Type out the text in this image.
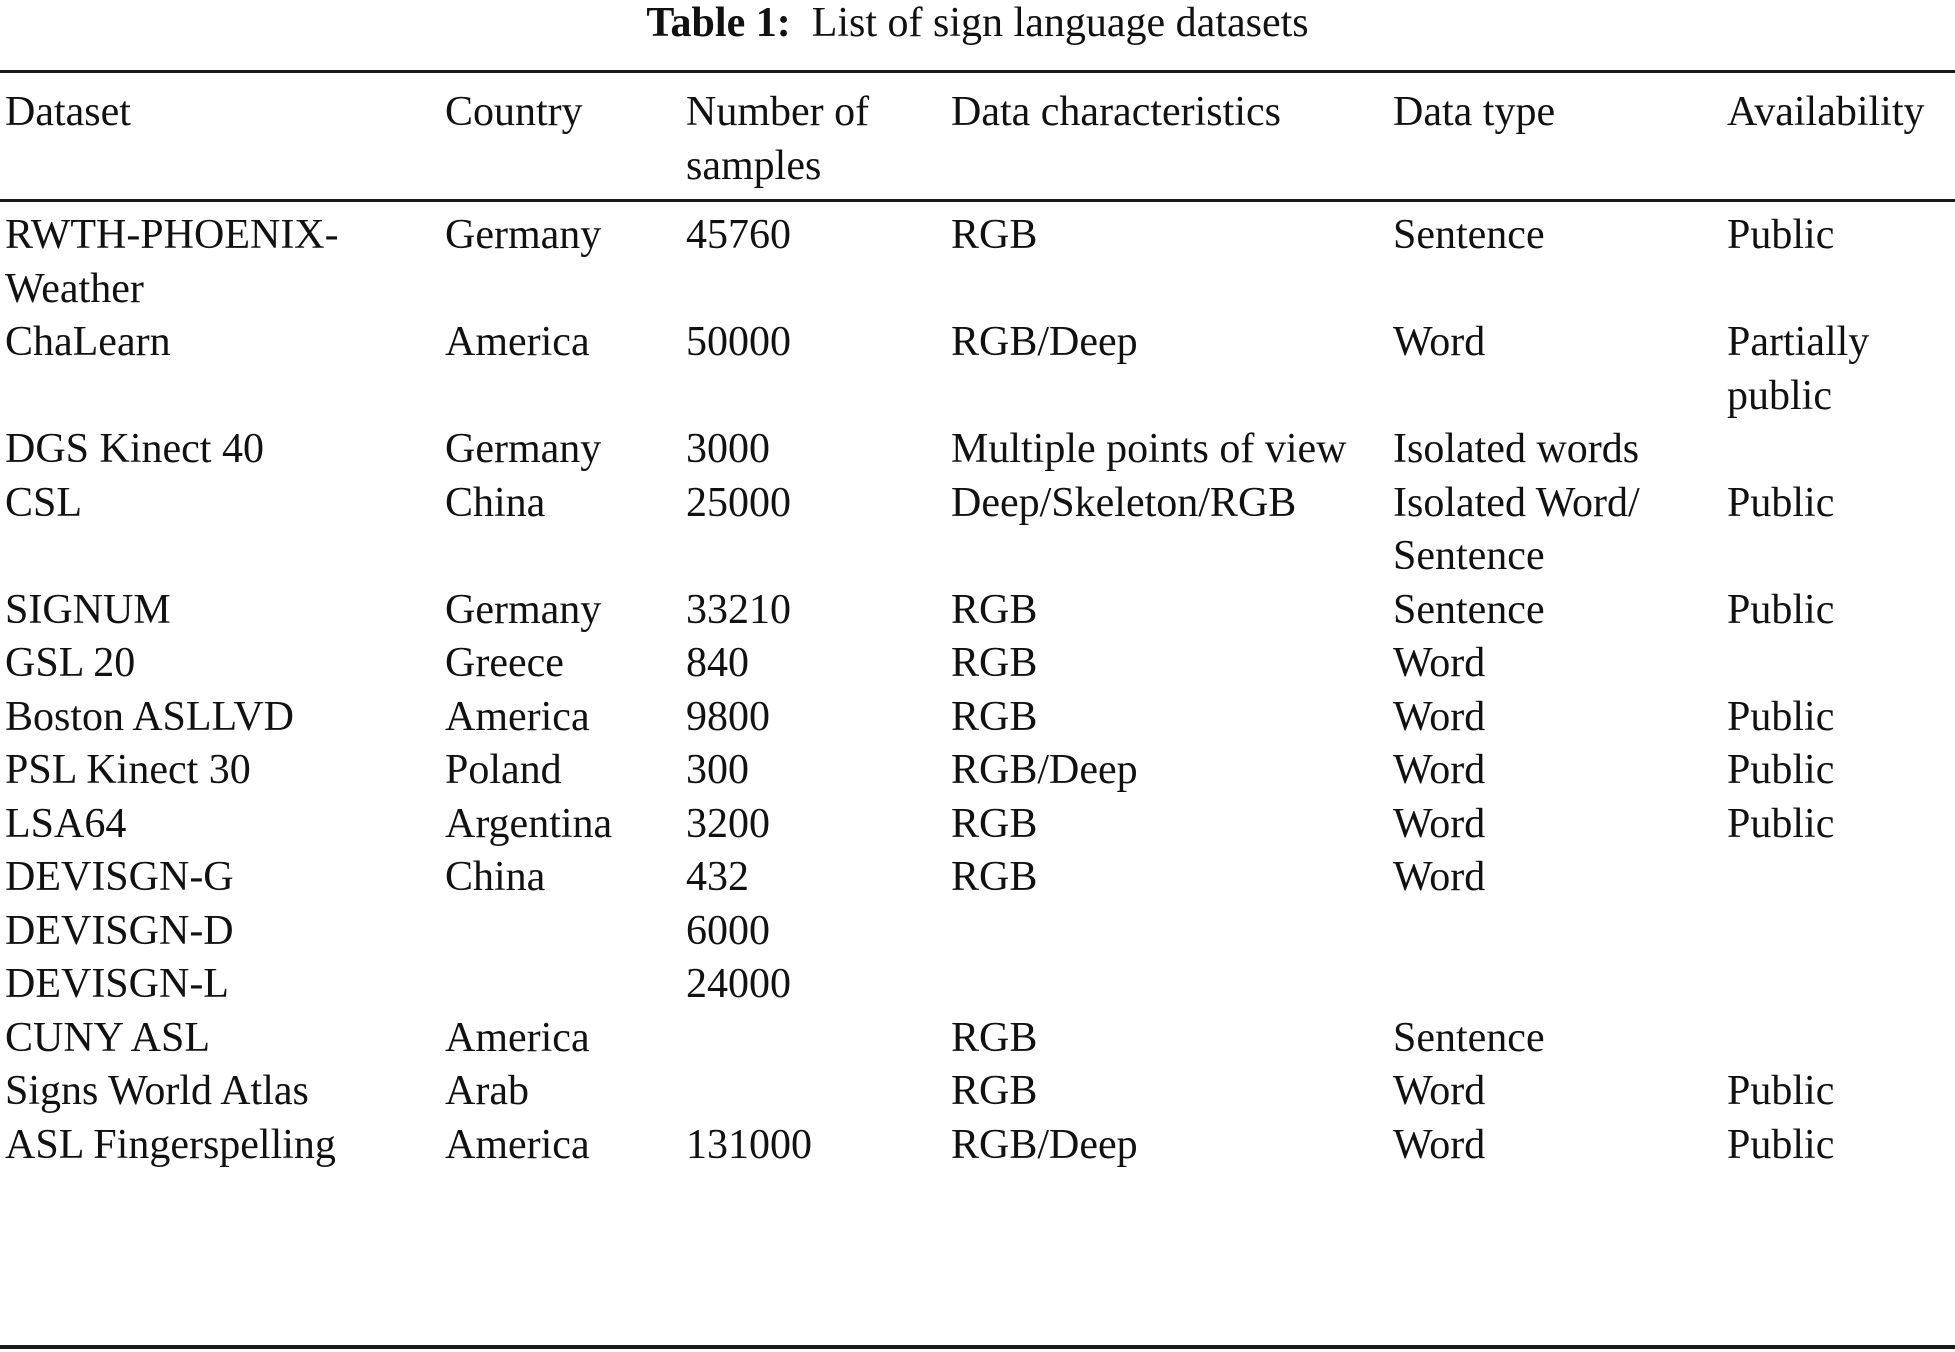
Table 1: List of sign language datasets
Dataset	Country	Number of samples	Data characteristics	Data type	Availability
RWTH-PHOENIX-Weather	Germany	45760	RGB	Sentence	Public
ChaLearn	America	50000	RGB/Deep	Word	Partially public
DGS Kinect 40	Germany	3000	Multiple points of view	Isolated words	
CSL	China	25000	Deep/Skeleton/RGB	Isolated Word/ Sentence	Public
SIGNUM	Germany	33210	RGB	Sentence	Public
GSL 20	Greece	840	RGB	Word	
Boston ASLLVD	America	9800	RGB	Word	Public
PSL Kinect 30	Poland	300	RGB/Deep	Word	Public
LSA64	Argentina	3200	RGB	Word	Public
DEVISGN-G	China	432	RGB	Word	
DEVISGN-D		6000			
DEVISGN-L		24000			
CUNY ASL	America		RGB	Sentence	
Signs World Atlas	Arab		RGB	Word	Public
ASL Fingerspelling	America	131000	RGB/Deep	Word	Public
